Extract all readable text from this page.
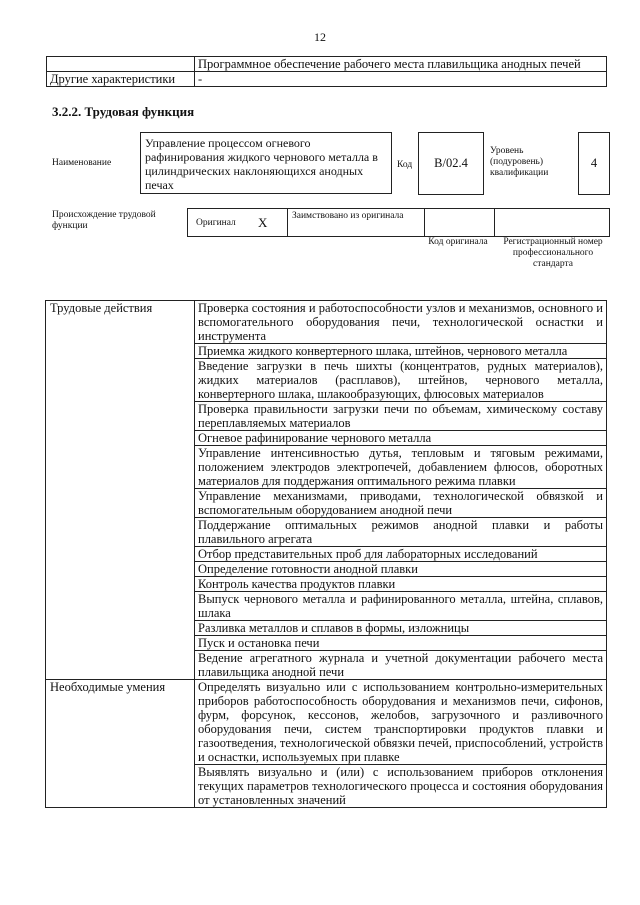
12
	Программное обеспечение рабочего места плавильщика анодных печей
Другие характеристики	-
3.2.2. Трудовая функция
Наименование
Управление процессом огневого рафинирования жидкого чернового металла в цилиндрических наклоняющихся анодных печах
Код	B/02.4
Уровень (подуровень) квалификации
4
Происхождение трудовой функции	Оригинал X	Заимствовано из оригинала
Код оригинала	Регистрационный номер профессионального стандарта
Трудовые действия	Проверка состояния и работоспособности узлов и механизмов, основного и вспомогательного оборудования печи, технологической оснастки и инструмента
	Приемка жидкого конвертерного шлака, штейнов, чернового металла
	Введение загрузки в печь шихты (концентратов, рудных материалов), жидких материалов (расплавов), штейнов, чернового металла, конвертерного шлака, шлакообразующих, флюсовых материалов
	Проверка правильности загрузки печи по объемам, химическому составу переплавляемых материалов
	Огневое рафинирование чернового металла
	Управление интенсивностью дутья, тепловым и тяговым режимами, положением электродов электропечей, добавлением флюсов, оборотных материалов для поддержания оптимального режима плавки
	Управление механизмами, приводами, технологической обвязкой и вспомогательным оборудованием анодной печи
	Поддержание оптимальных режимов анодной плавки и работы плавильного агрегата
	Отбор представительных проб для лабораторных исследований
	Определение готовности анодной плавки
	Контроль качества продуктов плавки
	Выпуск чернового металла и рафинированного металла, штейна, сплавов, шлака
	Разливка металлов и сплавов в формы, изложницы
	Пуск и остановка печи
	Ведение агрегатного журнала и учетной документации рабочего места плавильщика анодной печи
Необходимые умения	Определять визуально или с использованием контрольно-измерительных приборов работоспособность оборудования и механизмов печи, сифонов, фурм, форсунок, кессонов, желобов, загрузочного и разливочного оборудования печи, систем транспортировки продуктов плавки и газоотведения, технологической обвязки печей, приспособлений, устройств и оснастки, используемых при плавке
	Выявлять визуально и (или) с использованием приборов отклонения текущих параметров технологического процесса и состояния оборудования от установленных значений
